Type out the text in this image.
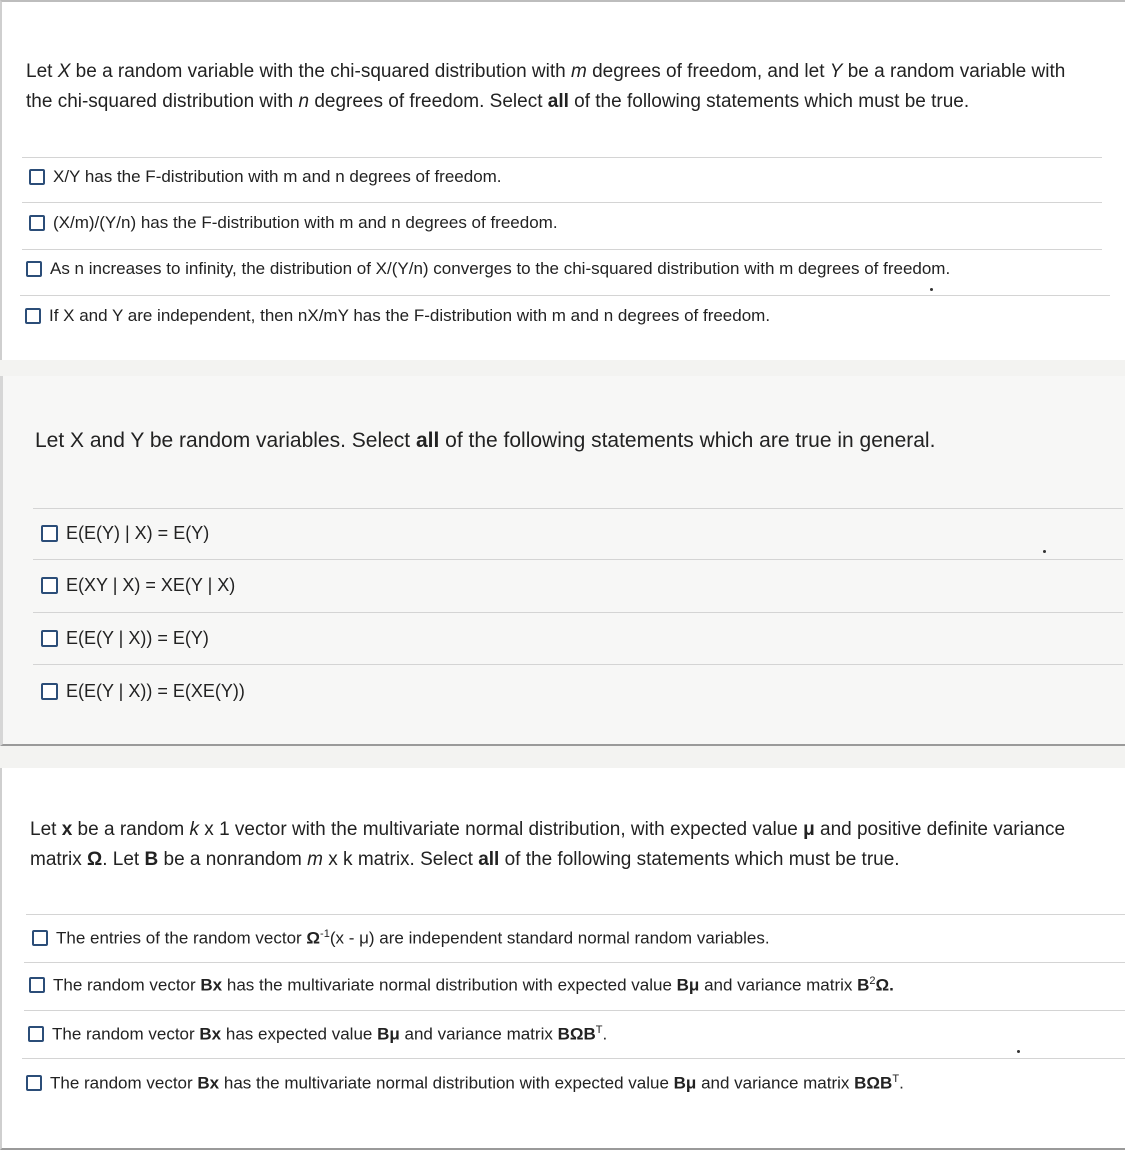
Let X be a random variable with the chi-squared distribution with m degrees of freedom, and let Y be a random variable with the chi-squared distribution with n degrees of freedom. Select all of the following statements which must be true.
X/Y has the F-distribution with m and n degrees of freedom.
(X/m)/(Y/n) has the F-distribution with m and n degrees of freedom.
As n increases to infinity, the distribution of X/(Y/n) converges to the chi-squared distribution with m degrees of freedom.
If X and Y are independent, then nX/mY has the F-distribution with m and n degrees of freedom.
Let X and Y be random variables. Select all of the following statements which are true in general.
E(E(Y) | X) = E(Y)
E(XY | X) = XE(Y | X)
E(E(Y | X)) = E(Y)
E(E(Y | X)) = E(XE(Y))
Let x be a random k x 1 vector with the multivariate normal distribution, with expected value μ and positive definite variance matrix Ω. Let B be a nonrandom m x k matrix. Select all of the following statements which must be true.
The entries of the random vector $\Omega^{-1}(x - \mu)$ are independent standard normal random variables.
The random vector Bx has the multivariate normal distribution with expected value Bμ and variance matrix $B^2\Omega$.
The random vector Bx has expected value Bμ and variance matrix $B\Omega B^T$.
The random vector Bx has the multivariate normal distribution with expected value Bμ and variance matrix $B\Omega B^T$.
